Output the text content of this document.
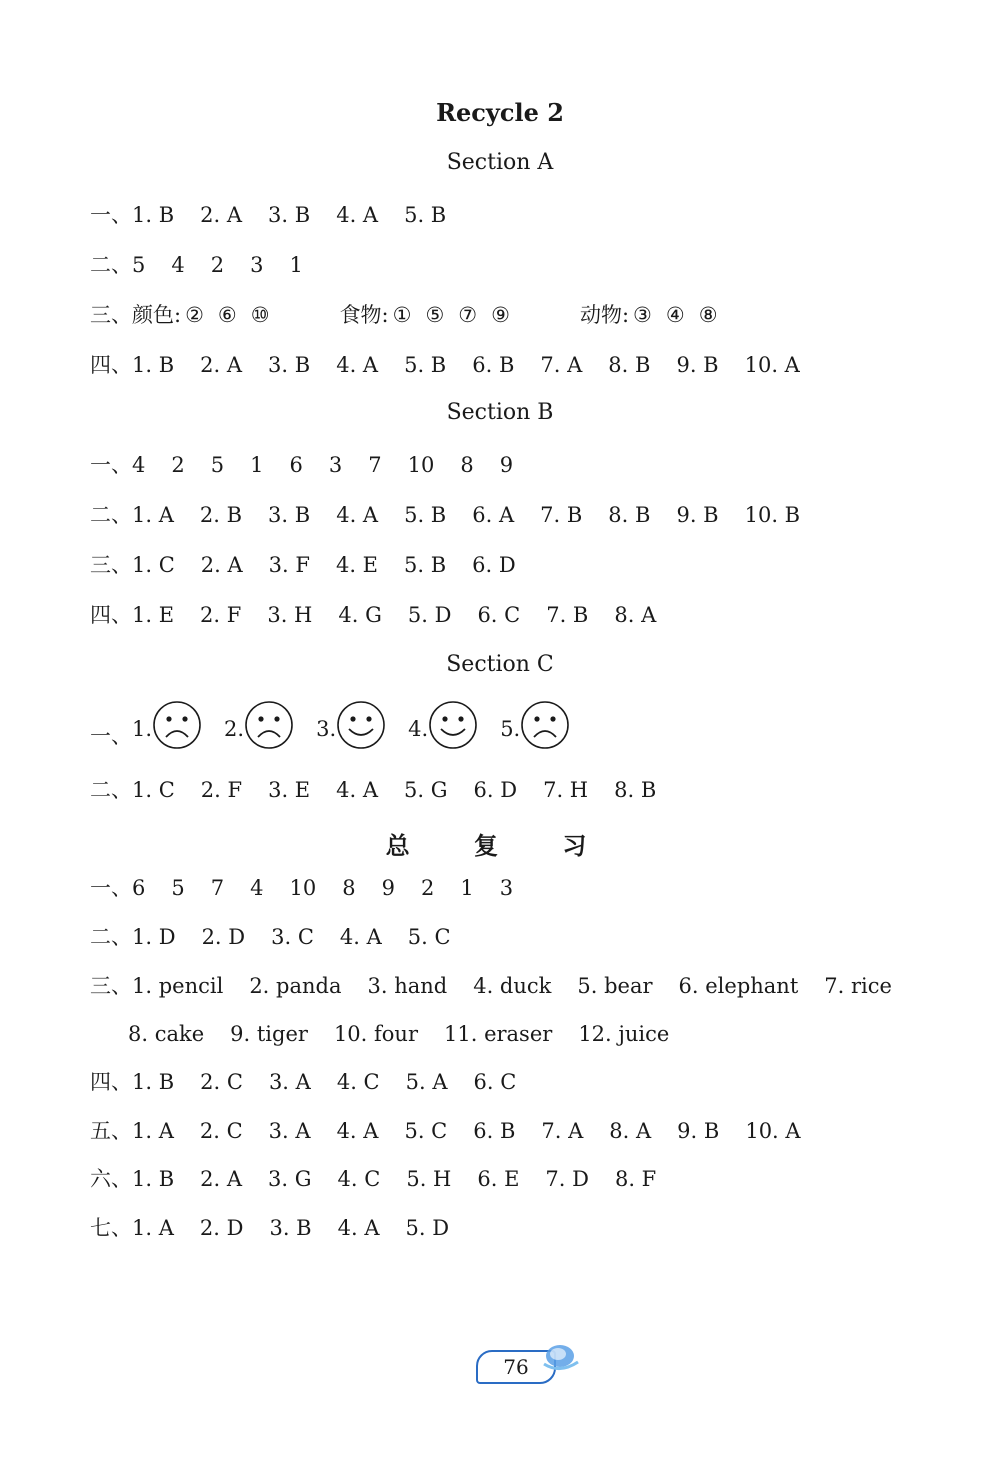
Recycle 2
Section A
一、1. B 2. A 3. B 4. A 5. B
二、5 4 2 3 1
三、颜色: ② ⑥ ⑩	食物: ① ⑤ ⑦ ⑨	动物: ③ ④ ⑧
四、1. B 2. A 3. B 4. A 5. B 6. B 7. A 8. B 9. B 10. A
Section B
一、4 2 5 1 6 3 7 10 8 9
二、1. A 2. B 3. B 4. A 5. B 6. A 7. B 8. B 9. B 10. B
三、1. C 2. A 3. F 4. E 5. B 6. D
四、1. E 2. F 3. H 4. G 5. D 6. C 7. B 8. A
Section C
一、1.	2.	3.	4.	5.
二、1. C 2. F 3. E 4. A 5. G 6. D 7. H 8. B
总 复 习
一、6 5 7 4 10 8 9 2 1 3
二、1. D 2. D 3. C 4. A 5. C
三、1. pencil 2. panda 3. hand 4. duck 5. bear 6. elephant 7. rice
8. cake 9. tiger 10. four 11. eraser 12. juice
四、1. B 2. C 3. A 4. C 5. A 6. C
五、1. A 2. C 3. A 4. A 5. C 6. B 7. A 8. A 9. B 10. A
六、1. B 2. A 3. G 4. C 5. H 6. E 7. D 8. F
七、1. A 2. D 3. B 4. A 5. D
76
